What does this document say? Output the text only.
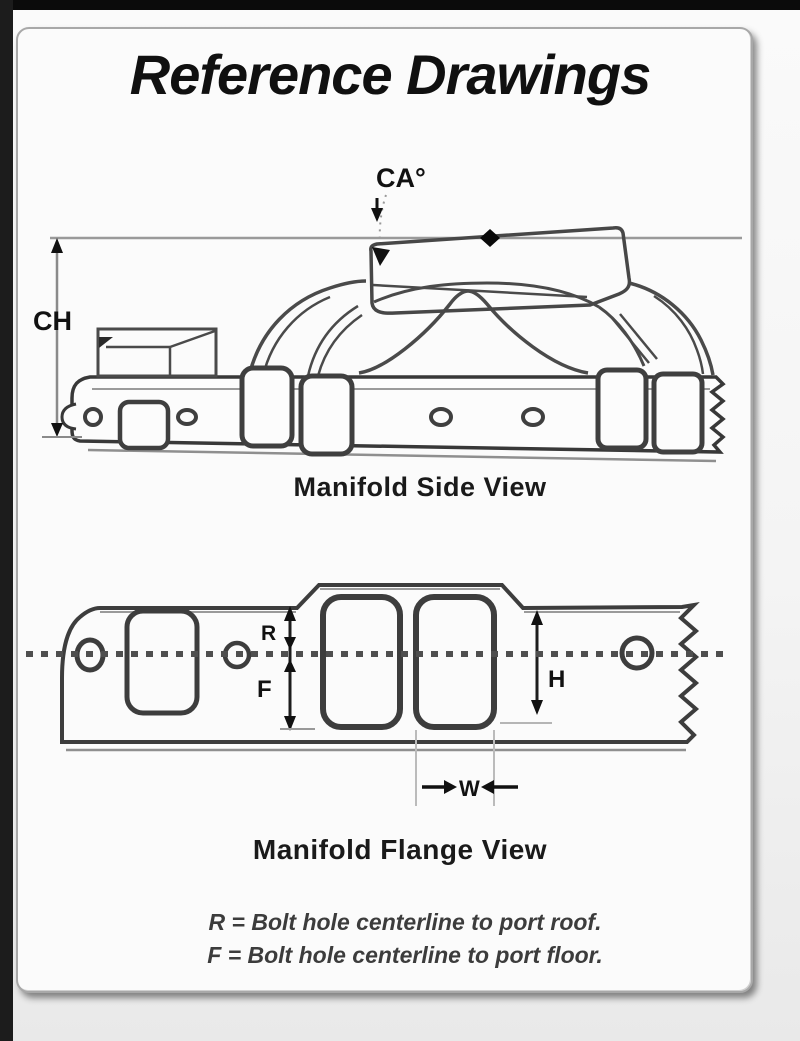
CA°
CH
R
F	H
W
Reference Drawings
Manifold Side View
Manifold Flange View
R = Bolt hole centerline to port roof.
F = Bolt hole centerline to port floor.
